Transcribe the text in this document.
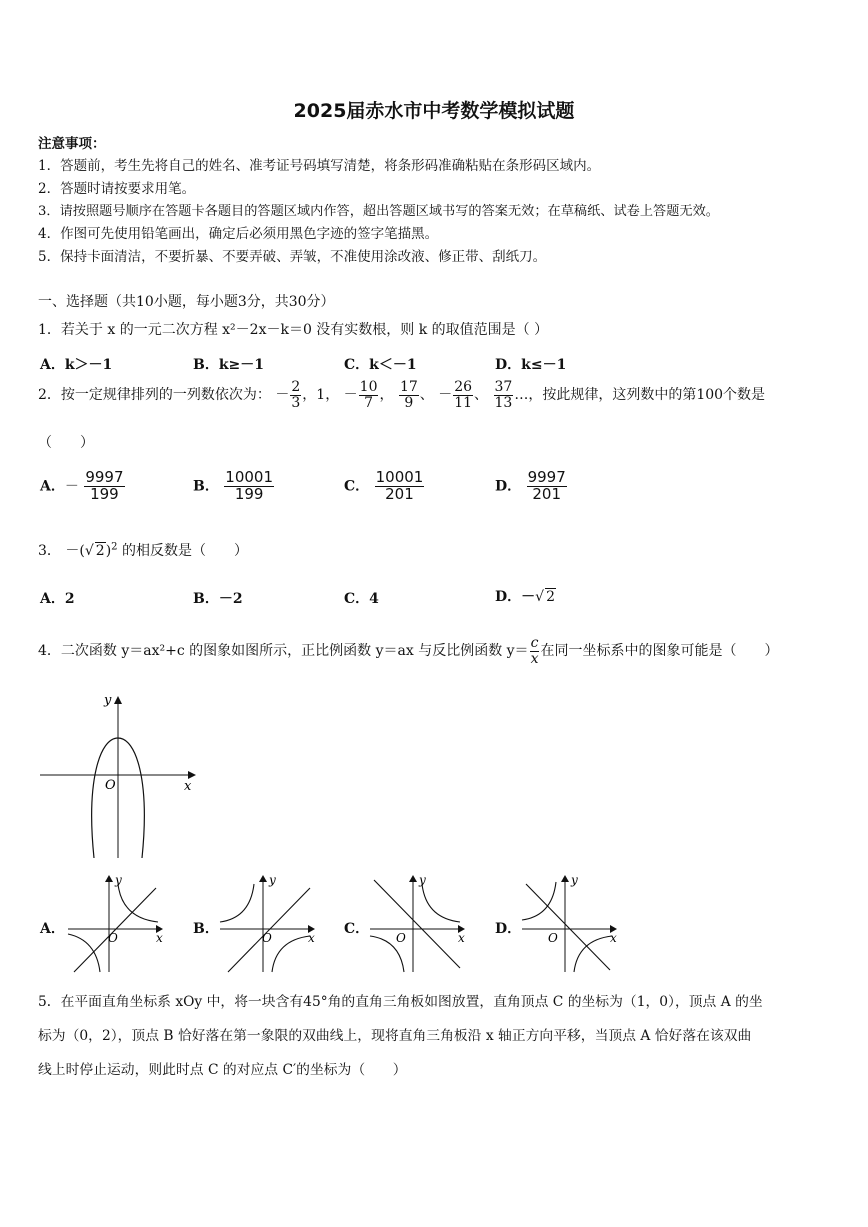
2025届赤水市中考数学模拟试题
注意事项：
1．答题前，考生先将自己的姓名、准考证号码填写清楚，将条形码准确粘贴在条形码区域内。
2．答题时请按要求用笔。
3．请按照题号顺序在答题卡各题目的答题区域内作答，超出答题区域书写的答案无效；在草稿纸、试卷上答题无效。
4．作图可先使用铅笔画出，确定后必须用黑色字迹的签字笔描黑。
5．保持卡面清洁，不要折暴、不要弄破、弄皱，不准使用涂改液、修正带、刮纸刀。
一、选择题（共10小题，每小题3分，共30分）
1．若关于 x 的一元二次方程 x²－2x－k＝0 没有实数根，则 k 的取值范围是（ ）
A．k＞－1	B．k≥－1	C．k＜－1	D．k≤－1
2．按一定规律排列的一列数依次为： － $\frac{2}{3}$ ，1， － $\frac{10}{7}$ ， $\frac{17}{9}$ 、 － $\frac{26}{11}$ 、 $\frac{37}{13}$ …，按此规律，这列数中的第100个数是
（　　）
A．－ $\frac{9997}{199}$	B． $\frac{10001}{199}$	C． $\frac{10001}{201}$	D． $\frac{9997}{201}$
3． －(√ 2)$^2$ 的相反数是（　　）
A．2	B．－2	C．4	D．－√ 2
4．二次函数 y＝ax²+c 的图象如图所示，正比例函数 y＝ax 与反比例函数 $y= \frac{c}{x}$ 在同一坐标系中的图象可能是（　　）
y
x
O
A．
y
x
O
B．
y
x
O
C．
y
x
O
D．
y
x
O
5．在平面直角坐标系 xOy 中，将一块含有45°角的直角三角板如图放置，直角顶点 C 的坐标为（1，0），顶点 A 的坐
标为（0，2），顶点 B 恰好落在第一象限的双曲线上，现将直角三角板沿 x 轴正方向平移，当顶点 A 恰好落在该双曲
线上时停止运动，则此时点 C 的对应点 C′的坐标为（　　）
